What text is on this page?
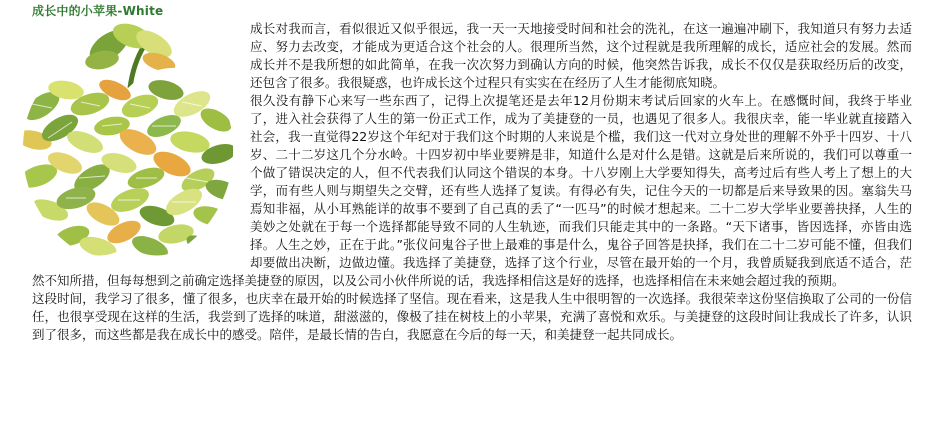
成长中的小苹果-White

成长对我而言，看似很近又似乎很远，我一天一天地接受时间和社会的洗礼，在这一遍遍冲刷下，我知道只有努力去适应、努力去改变，才能成为更适合这个社会的人。很理所当然，这个过程就是我所理解的成长，适应社会的发展。然而成长并不是我所想的如此简单，在我一次次努力到确认方向的时候，他突然告诉我，成长不仅仅是获取经历后的改变，还包含了很多。我很疑惑，也许成长这个过程只有实实在在经历了人生才能彻底知晓。

很久没有静下心来写一些东西了，记得上次提笔还是去年12月份期末考试后回家的火车上。在感慨时间，我终于毕业了，进入社会获得了人生的第一份正式工作，成为了美捷登的一员，也遇见了很多人。我很庆幸，能一毕业就直接踏入社会，我一直觉得22岁这个年纪对于我们这个时期的人来说是个槛，我们这一代对立身处世的理解不外乎十四岁、十八岁、二十二岁这几个分水岭。十四岁初中毕业要辨是非，知道什么是对什么是错。这就是后来所说的，我们可以尊重一个做了错误决定的人，但不代表我们认同这个错误的本身。十八岁刚上大学要知得失，高考过后有些人考上了想上的大学，而有些人则与期望失之交臂，还有些人选择了复读。有得必有失，记住今天的一切都是后来导致果的因。塞翁失马焉知非福，从小耳熟能详的故事不要到了自己真的丢了“一匹马”的时候才想起来。二十二岁大学毕业要善抉择，人生的美妙之处就在于每一个选择都能导致不同的人生轨迹，而我们只能走其中的一条路。“天下诸事，皆因选择，亦皆由选择。人生之妙，正在于此。”张仪问鬼谷子世上最难的事是什么，鬼谷子回答是抉择，我们在二十二岁可能不懂，但我们却要做出决断，边做边懂。我选择了美捷登，选择了这个行业，尽管在最开始的一个月，我曾质疑我到底适不适合，茫然不知所措，但每每想到之前确定选择美捷登的原因，以及公司小伙伴所说的话，我选择相信这是好的选择，也选择相信在未来她会超过我的预期。

这段时间，我学习了很多，懂了很多，也庆幸在最开始的时候选择了坚信。现在看来，这是我人生中很明智的一次选择。我很荣幸这份坚信换取了公司的一份信任，也很享受现在这样的生活，我尝到了选择的味道，甜滋滋的，像极了挂在树枝上的小苹果，充满了喜悦和欢乐。与美捷登的这段时间让我成长了许多，认识到了很多，而这些都是我在成长中的感受。陪伴，是最长情的告白，我愿意在今后的每一天，和美捷登一起共同成长。
